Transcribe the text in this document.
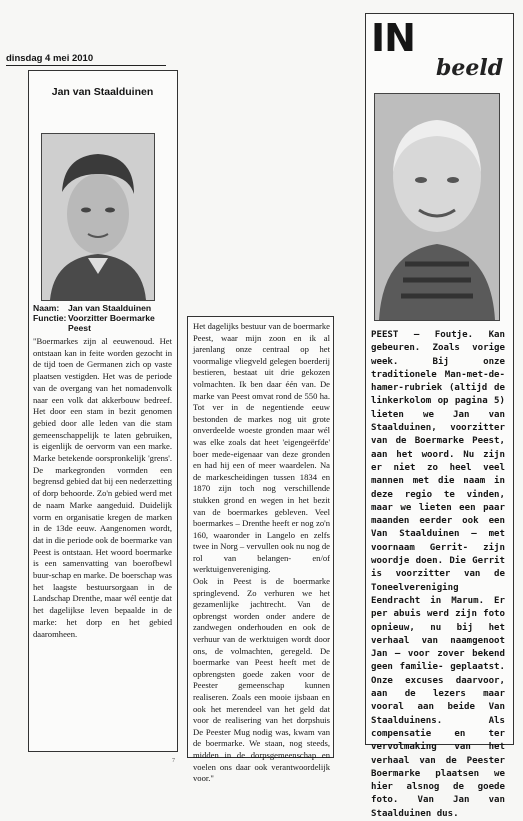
dinsdag 4 mei 2010
Jan van Staalduinen
Naam: Jan van Staalduinen
Functie: Voorzitter Boermarke Peest
"Boermarkes zijn al eeuwenoud. Het ontstaan kan in feite worden gezocht in de tijd toen de Germanen zich op vaste plaatsen vestigden. Het was de periode van de overgang van het nomadenvolk naar een volk dat akkerbouw bedreef. Het door een stam in bezit genomen gebied door alle leden van die stam gemeenschappelijk te laten gebruiken, is eigenlijk de oervorm van een marke. Marke betekende oorspronkelijk 'grens'. De markegronden vormden een begrensd gebied dat bij een nederzetting of dorp behoorde. Zo'n gebied werd met de naam Marke aangeduid. Duidelijk vorm en organisatie kregen de marken in de 13de eeuw. Aangenomen wordt, dat in die periode ook de boermarke van Peest is ontstaan. Het woord boermarke is een samenvatting van boerofbewl buur-schap en marke. De boerschap was het laagste bestuursorgaan in de Landschap Drenthe, maar wél eentje dat het dagelijkse leven bepaalde in de marke: het dorp en het gebied daaromheen.
Het dagelijks bestuur van de boermarke Peest, waar mijn zoon en ik al jarenlang onze centraal op het voormalige vliegveld gelegen boerderij bestieren, bestaat uit drie gekozen volmachten. Ik ben daar één van. De marke van Peest omvat rond de 550 ha. Tot ver in de negentiende eeuw bestonden de markes nog uit grote onverdeelde woeste gronden maar wél was elke zoals dat heet 'eigengeërfde' boer mede-eigenaar van deze gronden en had hij een of meer waardelen. Na de markescheidingen tussen 1834 en 1870 zijn toch nog verschillende stukken grond en wegen in het bezit van de boermarkes gebleven. Veel boermarkes – Drenthe heeft er nog zo'n 160, waaronder in Langelo en zelfs twee in Norg – vervullen ook nu nog de rol van belangen- en/of werktuigenvereniging.
Ook in Peest is de boermarke springlevend. Zo verhuren we het gezamenlijke jachtrecht. Van de opbrengst worden onder andere de zandwegen onderhouden en ook de verhuur van de werktuigen wordt door ons, de volmachten, geregeld. De boermarke van Peest heeft met de opbrengsten goede zaken voor de Peester gemeenschap kunnen realiseren. Zoals een mooie ijsbaan en ook het merendeel van het geld dat voor de realisering van het dorpshuis De Peester Mug nodig was, kwam van de boermarke. We staan, nog steeds, midden in de dorpsgemeenschap en voelen ons daar ook verantwoordelijk voor."
7
IN
beeld
PEEST – Foutje. Kan gebeuren. Zoals vorige week. Bij onze traditionele Man-met-de-hamer-rubriek (altijd de linkerkolom op pagina 5) lieten we Jan van Staalduinen, voorzitter van de Boermarke Peest, aan het woord. Nu zijn er niet zo heel veel mannen met die naam in deze regio te vinden, maar we lieten een paar maanden eerder ook een Van Staalduinen – met voornaam Gerrit- zijn woordje doen. Die Gerrit is voorzitter van de Toneelvereniging Eendracht in Marum. Er per abuis werd zijn foto opnieuw, nu bij het verhaal van naamgenoot Jan – voor zover bekend geen familie- geplaatst. Onze excuses daarvoor, aan de lezers maar vooral aan beide Van Staalduinens. Als compensatie en ter vervolmaking van het verhaal van de Peester Boermarke plaatsen we hier alsnog de goede foto. Van Jan van Staalduinen dus.
